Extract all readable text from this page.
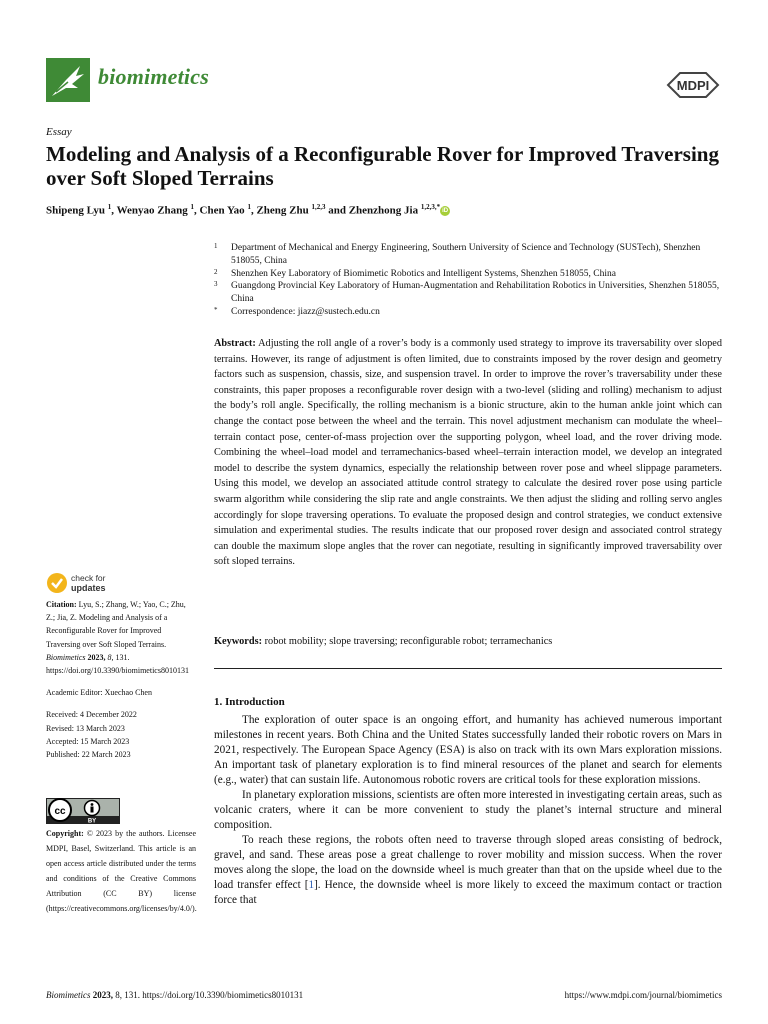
biomimetics	MDPI
Essay
Modeling and Analysis of a Reconfigurable Rover for Improved Traversing over Soft Sloped Terrains
Shipeng Lyu $^1$, Wenyao Zhang $^1$, Chen Yao $^1$, Zheng Zhu $^{1,2,3}$ and Zhenzhong Jia $^{1,2,3,*}$iD
1 Department of Mechanical and Energy Engineering, Southern University of Science and Technology (SUSTech), Shenzhen 518055, China
2 Shenzhen Key Laboratory of Biomimetic Robotics and Intelligent Systems, Shenzhen 518055, China
3 Guangdong Provincial Key Laboratory of Human-Augmentation and Rehabilitation Robotics in Universities, Shenzhen 518055, China
* Correspondence: jiazz@sustech.edu.cn
Abstract: Adjusting the roll angle of a rover’s body is a commonly used strategy to improve its traversability over sloped terrains. However, its range of adjustment is often limited, due to constraints imposed by the rover design and geometry factors such as suspension, chassis, size, and suspension travel. In order to improve the rover’s traversability under these constraints, this paper proposes a reconfigurable rover design with a two-level (sliding and rolling) mechanism to adjust the body’s roll angle. Specifically, the rolling mechanism is a bionic structure, akin to the human ankle joint which can change the contact pose between the wheel and the terrain. This novel adjustment mechanism can modulate the wheel–terrain contact pose, center-of-mass projection over the supporting polygon, wheel load, and the rover driving mode. Combining the wheel–load model and terramechanics-based wheel–terrain interaction model, we develop an integrated model to describe the system dynamics, especially the relationship between rover pose and wheel slippage parameters. Using this model, we develop an associated attitude control strategy to calculate the desired rover pose using particle swarm algorithm while considering the slip rate and angle constraints. We then adjust the sliding and rolling servo angles accordingly for slope traversing operations. To evaluate the proposed design and control strategies, we conduct extensive simulation and experimental studies. The results indicate that our proposed rover design and associated control strategy can double the maximum slope angles that the rover can negotiate, resulting in significantly improved traversability over soft sloped terrains.
Keywords: robot mobility; slope traversing; reconfigurable robot; terramechanics
1. Introduction

The exploration of outer space is an ongoing effort, and humanity has achieved numerous important milestones in recent years. Both China and the United States successfully landed their robotic rovers on Mars in 2021, respectively. The European Space Agency (ESA) is also on track with its own Mars exploration missions. An important task of planetary exploration is to find mineral resources of the planet and search for elements (e.g., water) that can sustain life. Autonomous robotic rovers are critical tools for these exploration missions.

In planetary exploration missions, scientists are often more interested in investigating certain areas, such as volcanic craters, where it can be more convenient to study the planet’s internal structure and mineral composition.

To reach these regions, the robots often need to traverse through sloped areas consisting of bedrock, gravel, and sand. These areas pose a great challenge to rover mobility and mission success. When the rover moves along the slope, the load on the downside wheel is much greater than that on the upside wheel due to the load transfer effect [1]. Hence, the downside wheel is more likely to exceed the maximum contact or traction force that

check for
updates
Citation: Lyu, S.; Zhang, W.; Yao, C.; Zhu, Z.; Jia, Z. Modeling and Analysis of a Reconfigurable Rover for Improved Traversing over Soft Sloped Terrains. Biomimetics 2023, 8, 131. https://doi.org/10.3390/biomimetics8010131
Academic Editor: Xuechao Chen
Received: 4 December 2022
Revised: 13 March 2023
Accepted: 15 March 2023
Published: 22 March 2023
cc
BY
Copyright: © 2023 by the authors. Licensee MDPI, Basel, Switzerland. This article is an open access article distributed under the terms and conditions of the Creative Commons Attribution (CC BY) license (https://creativecommons.org/licenses/by/4.0/).
Biomimetics 2023, 8, 131. https://doi.org/10.3390/biomimetics8010131	https://www.mdpi.com/journal/biomimetics
